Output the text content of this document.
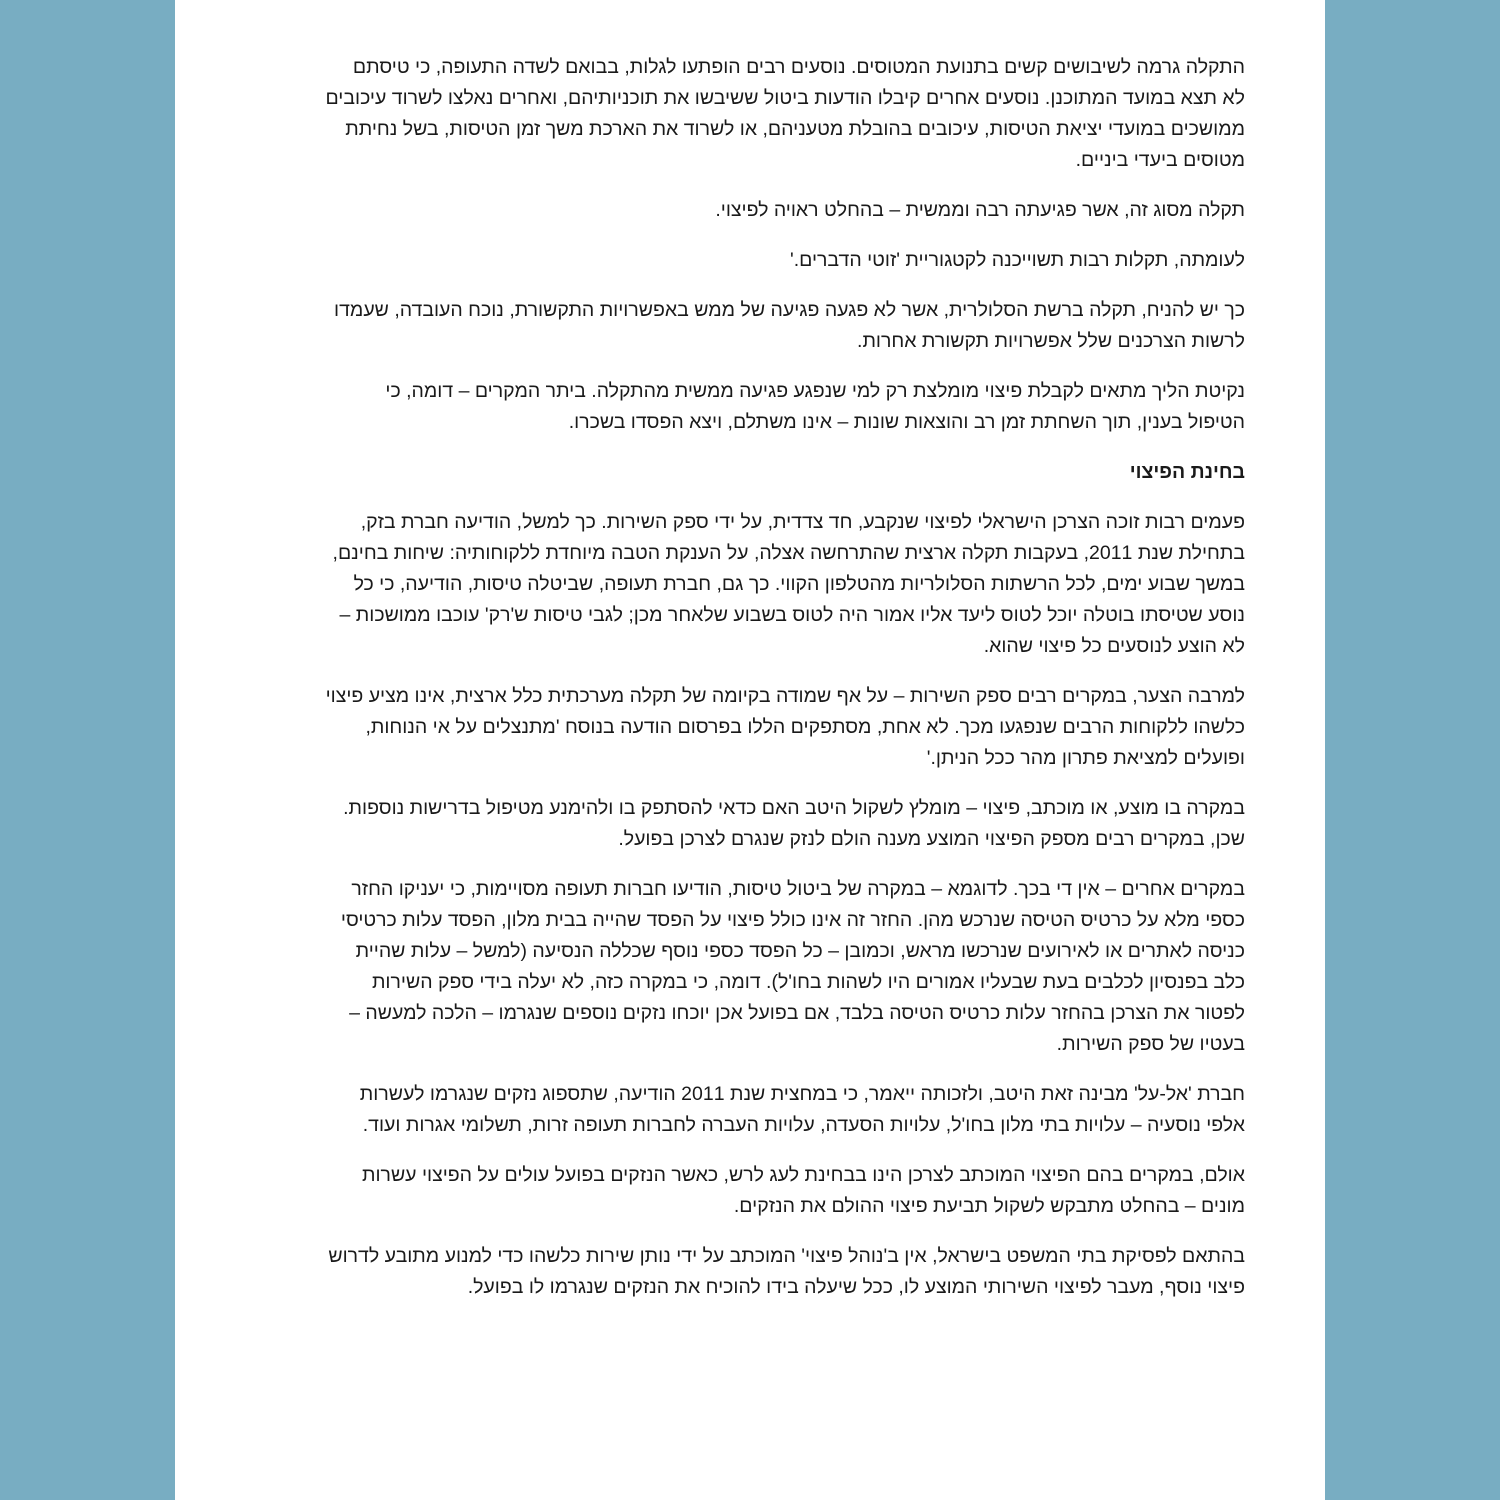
התקלה גרמה לשיבושים קשים בתנועת המטוסים. נוסעים רבים הופתעו לגלות, בבואם לשדה התעופה, כי טיסתם לא תצא במועד המתוכנן. נוסעים אחרים קיבלו הודעות ביטול ששיבשו את תוכניותיהם, ואחרים נאלצו לשרוד עיכובים ממושכים במועדי יציאת הטיסות, עיכובים בהובלת מטעניהם, או לשרוד את הארכת משך זמן הטיסות, בשל נחיתת מטוסים ביעדי ביניים.

תקלה מסוג זה, אשר פגיעתה רבה וממשית – בהחלט ראויה לפיצוי.

לעומתה, תקלות רבות תשוייכנה לקטגוריית 'זוטי הדברים.'

כך יש להניח, תקלה ברשת הסלולרית, אשר לא פגעה פגיעה של ממש באפשרויות התקשורת, נוכח העובדה, שעמדו לרשות הצרכנים שלל אפשרויות תקשורת אחרות.

נקיטת הליך מתאים לקבלת פיצוי מומלצת רק למי שנפגע פגיעה ממשית מהתקלה. ביתר המקרים – דומה, כי הטיפול בענין, תוך השחתת זמן רב והוצאות שונות – אינו משתלם, ויצא הפסדו בשכרו.

בחינת הפיצוי

פעמים רבות זוכה הצרכן הישראלי לפיצוי שנקבע, חד צדדית, על ידי ספק השירות. כך למשל, הודיעה חברת בזק, בתחילת שנת 2011, בעקבות תקלה ארצית שהתרחשה אצלה, על הענקת הטבה מיוחדת ללקוחותיה: שיחות בחינם, במשך שבוע ימים, לכל הרשתות הסלולריות מהטלפון הקווי. כך גם, חברת תעופה, שביטלה טיסות, הודיעה, כי כל נוסע שטיסתו בוטלה יוכל לטוס ליעד אליו אמור היה לטוס בשבוע שלאחר מכן; לגבי טיסות ש'רק' עוכבו ממושכות – לא הוצע לנוסעים כל פיצוי שהוא.

למרבה הצער, במקרים רבים ספק השירות – על אף שמודה בקיומה של תקלה מערכתית כלל ארצית, אינו מציע פיצוי כלשהו ללקוחות הרבים שנפגעו מכך. לא אחת, מסתפקים הללו בפרסום הודעה בנוסח 'מתנצלים על אי הנוחות, ופועלים למציאת פתרון מהר ככל הניתן.'

במקרה בו מוצע, או מוכתב, פיצוי – מומלץ לשקול היטב האם כדאי להסתפק בו ולהימנע מטיפול בדרישות נוספות. שכן, במקרים רבים מספק הפיצוי המוצע מענה הולם לנזק שנגרם לצרכן בפועל.

במקרים אחרים – אין די בכך. לדוגמא – במקרה של ביטול טיסות, הודיעו חברות תעופה מסויימות, כי יעניקו החזר כספי מלא על כרטיס הטיסה שנרכש מהן. החזר זה אינו כולל פיצוי על הפסד שהייה בבית מלון, הפסד עלות כרטיסי כניסה לאתרים או לאירועים שנרכשו מראש, וכמובן – כל הפסד כספי נוסף שכללה הנסיעה (למשל – עלות שהיית כלב בפנסיון לכלבים בעת שבעליו אמורים היו לשהות בחו'ל). דומה, כי במקרה כזה, לא יעלה בידי ספק השירות לפטור את הצרכן בהחזר עלות כרטיס הטיסה בלבד, אם בפועל אכן יוכחו נזקים נוספים שנגרמו – הלכה למעשה – בעטיו של ספק השירות.

חברת 'אל-על' מבינה זאת היטב, ולזכותה ייאמר, כי במחצית שנת 2011 הודיעה, שתספוג נזקים שנגרמו לעשרות אלפי נוסעיה – עלויות בתי מלון בחו'ל, עלויות הסעדה, עלויות העברה לחברות תעופה זרות, תשלומי אגרות ועוד.

אולם, במקרים בהם הפיצוי המוכתב לצרכן הינו בבחינת לעג לרש, כאשר הנזקים בפועל עולים על הפיצוי עשרות מונים – בהחלט מתבקש לשקול תביעת פיצוי ההולם את הנזקים.

בהתאם לפסיקת בתי המשפט בישראל, אין ב'נוהל פיצוי' המוכתב על ידי נותן שירות כלשהו כדי למנוע מתובע לדרוש פיצוי נוסף, מעבר לפיצוי השירותי המוצע לו, ככל שיעלה בידו להוכיח את הנזקים שנגרמו לו בפועל.
